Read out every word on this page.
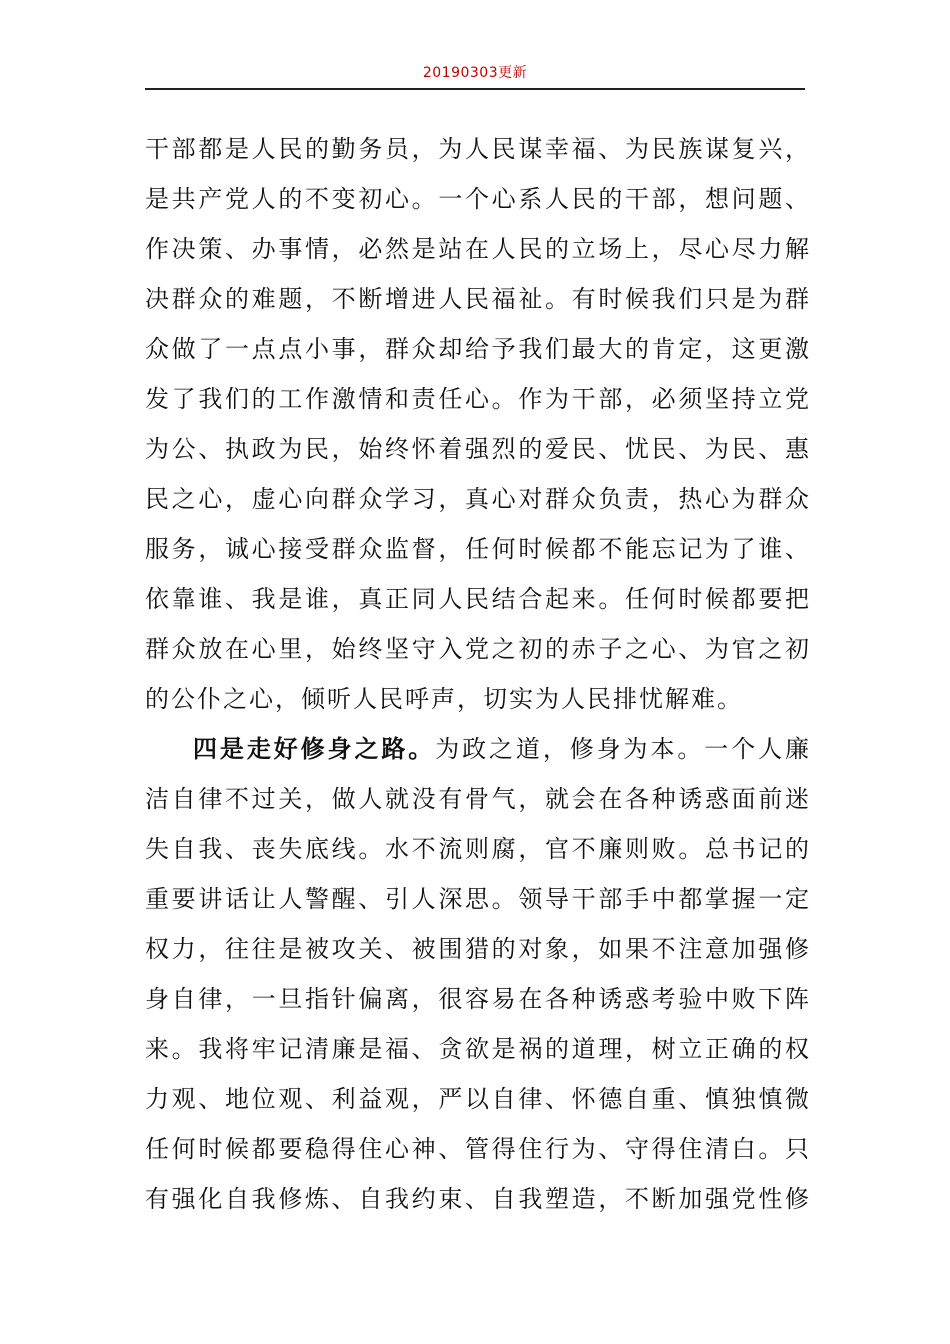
20190303更新
干部都是人民的勤务员，为人民谋幸福、为民族谋复兴，
是共产党人的不变初心。一个心系人民的干部，想问题、
作决策、办事情，必然是站在人民的立场上，尽心尽力解
决群众的难题，不断增进人民福祉。有时候我们只是为群
众做了一点点小事，群众却给予我们最大的肯定，这更激
发了我们的工作激情和责任心。作为干部，必须坚持立党
为公、执政为民，始终怀着强烈的爱民、忧民、为民、惠
民之心，虚心向群众学习，真心对群众负责，热心为群众
服务，诚心接受群众监督，任何时候都不能忘记为了谁、
依靠谁、我是谁，真正同人民结合起来。任何时候都要把
群众放在心里，始终坚守入党之初的赤子之心、为官之初
的公仆之心，倾听人民呼声，切实为人民排忧解难。
四是走好修身之路。为政之道，修身为本。一个人廉
洁自律不过关，做人就没有骨气，就会在各种诱惑面前迷
失自我、丧失底线。水不流则腐，官不廉则败。总书记的
重要讲话让人警醒、引人深思。领导干部手中都掌握一定
权力，往往是被攻关、被围猎的对象，如果不注意加强修
身自律，一旦指针偏离，很容易在各种诱惑考验中败下阵
来。我将牢记清廉是福、贪欲是祸的道理，树立正确的权
力观、地位观、利益观，严以自律、怀德自重、慎独慎微
任何时候都要稳得住心神、管得住行为、守得住清白。只
有强化自我修炼、自我约束、自我塑造，不断加强党性修
